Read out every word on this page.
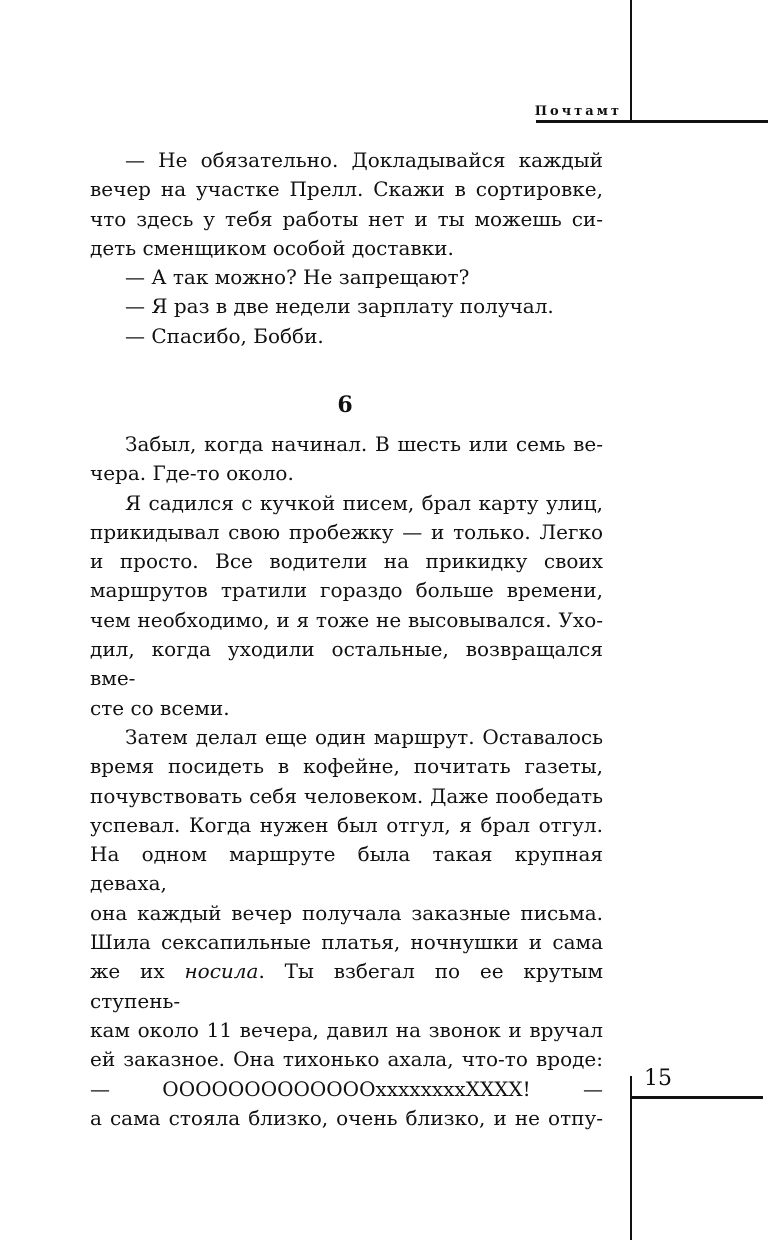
Почтамт
— Не обязательно. Докладывайся каждый
вечер на участке Прелл. Скажи в сортировке,
что здесь у тебя работы нет и ты можешь си-
деть сменщиком особой доставки.
— А так можно? Не запрещают?
— Я раз в две недели зарплату получал.
— Спасибо, Бобби.
6
Забыл, когда начинал. В шесть или семь ве-
чера. Где-то около.
Я садился с кучкой писем, брал карту улиц,
прикидывал свою пробежку — и только. Легко
и просто. Все водители на прикидку своих
маршрутов тратили гораздо больше времени,
чем необходимо, и я тоже не высовывался. Ухо-
дил, когда уходили остальные, возвращался вме-
сте со всеми.
Затем делал еще один маршрут. Оставалось
время посидеть в кофейне, почитать газеты,
почувствовать себя человеком. Даже пообедать
успевал. Когда нужен был отгул, я брал отгул.
На одном маршруте была такая крупная деваха,
она каждый вечер получала заказные письма.
Шила сексапильные платья, ночнушки и сама
же их носила. Ты взбегал по ее крутым ступень-
кам около 11 вечера, давил на звонок и вручал
ей заказное. Она тихонько ахала, что-то вроде:
— ООООООООООООOxxxxxxxxXXXX! —
а сама стояла близко, очень близко, и не отпу-
15
